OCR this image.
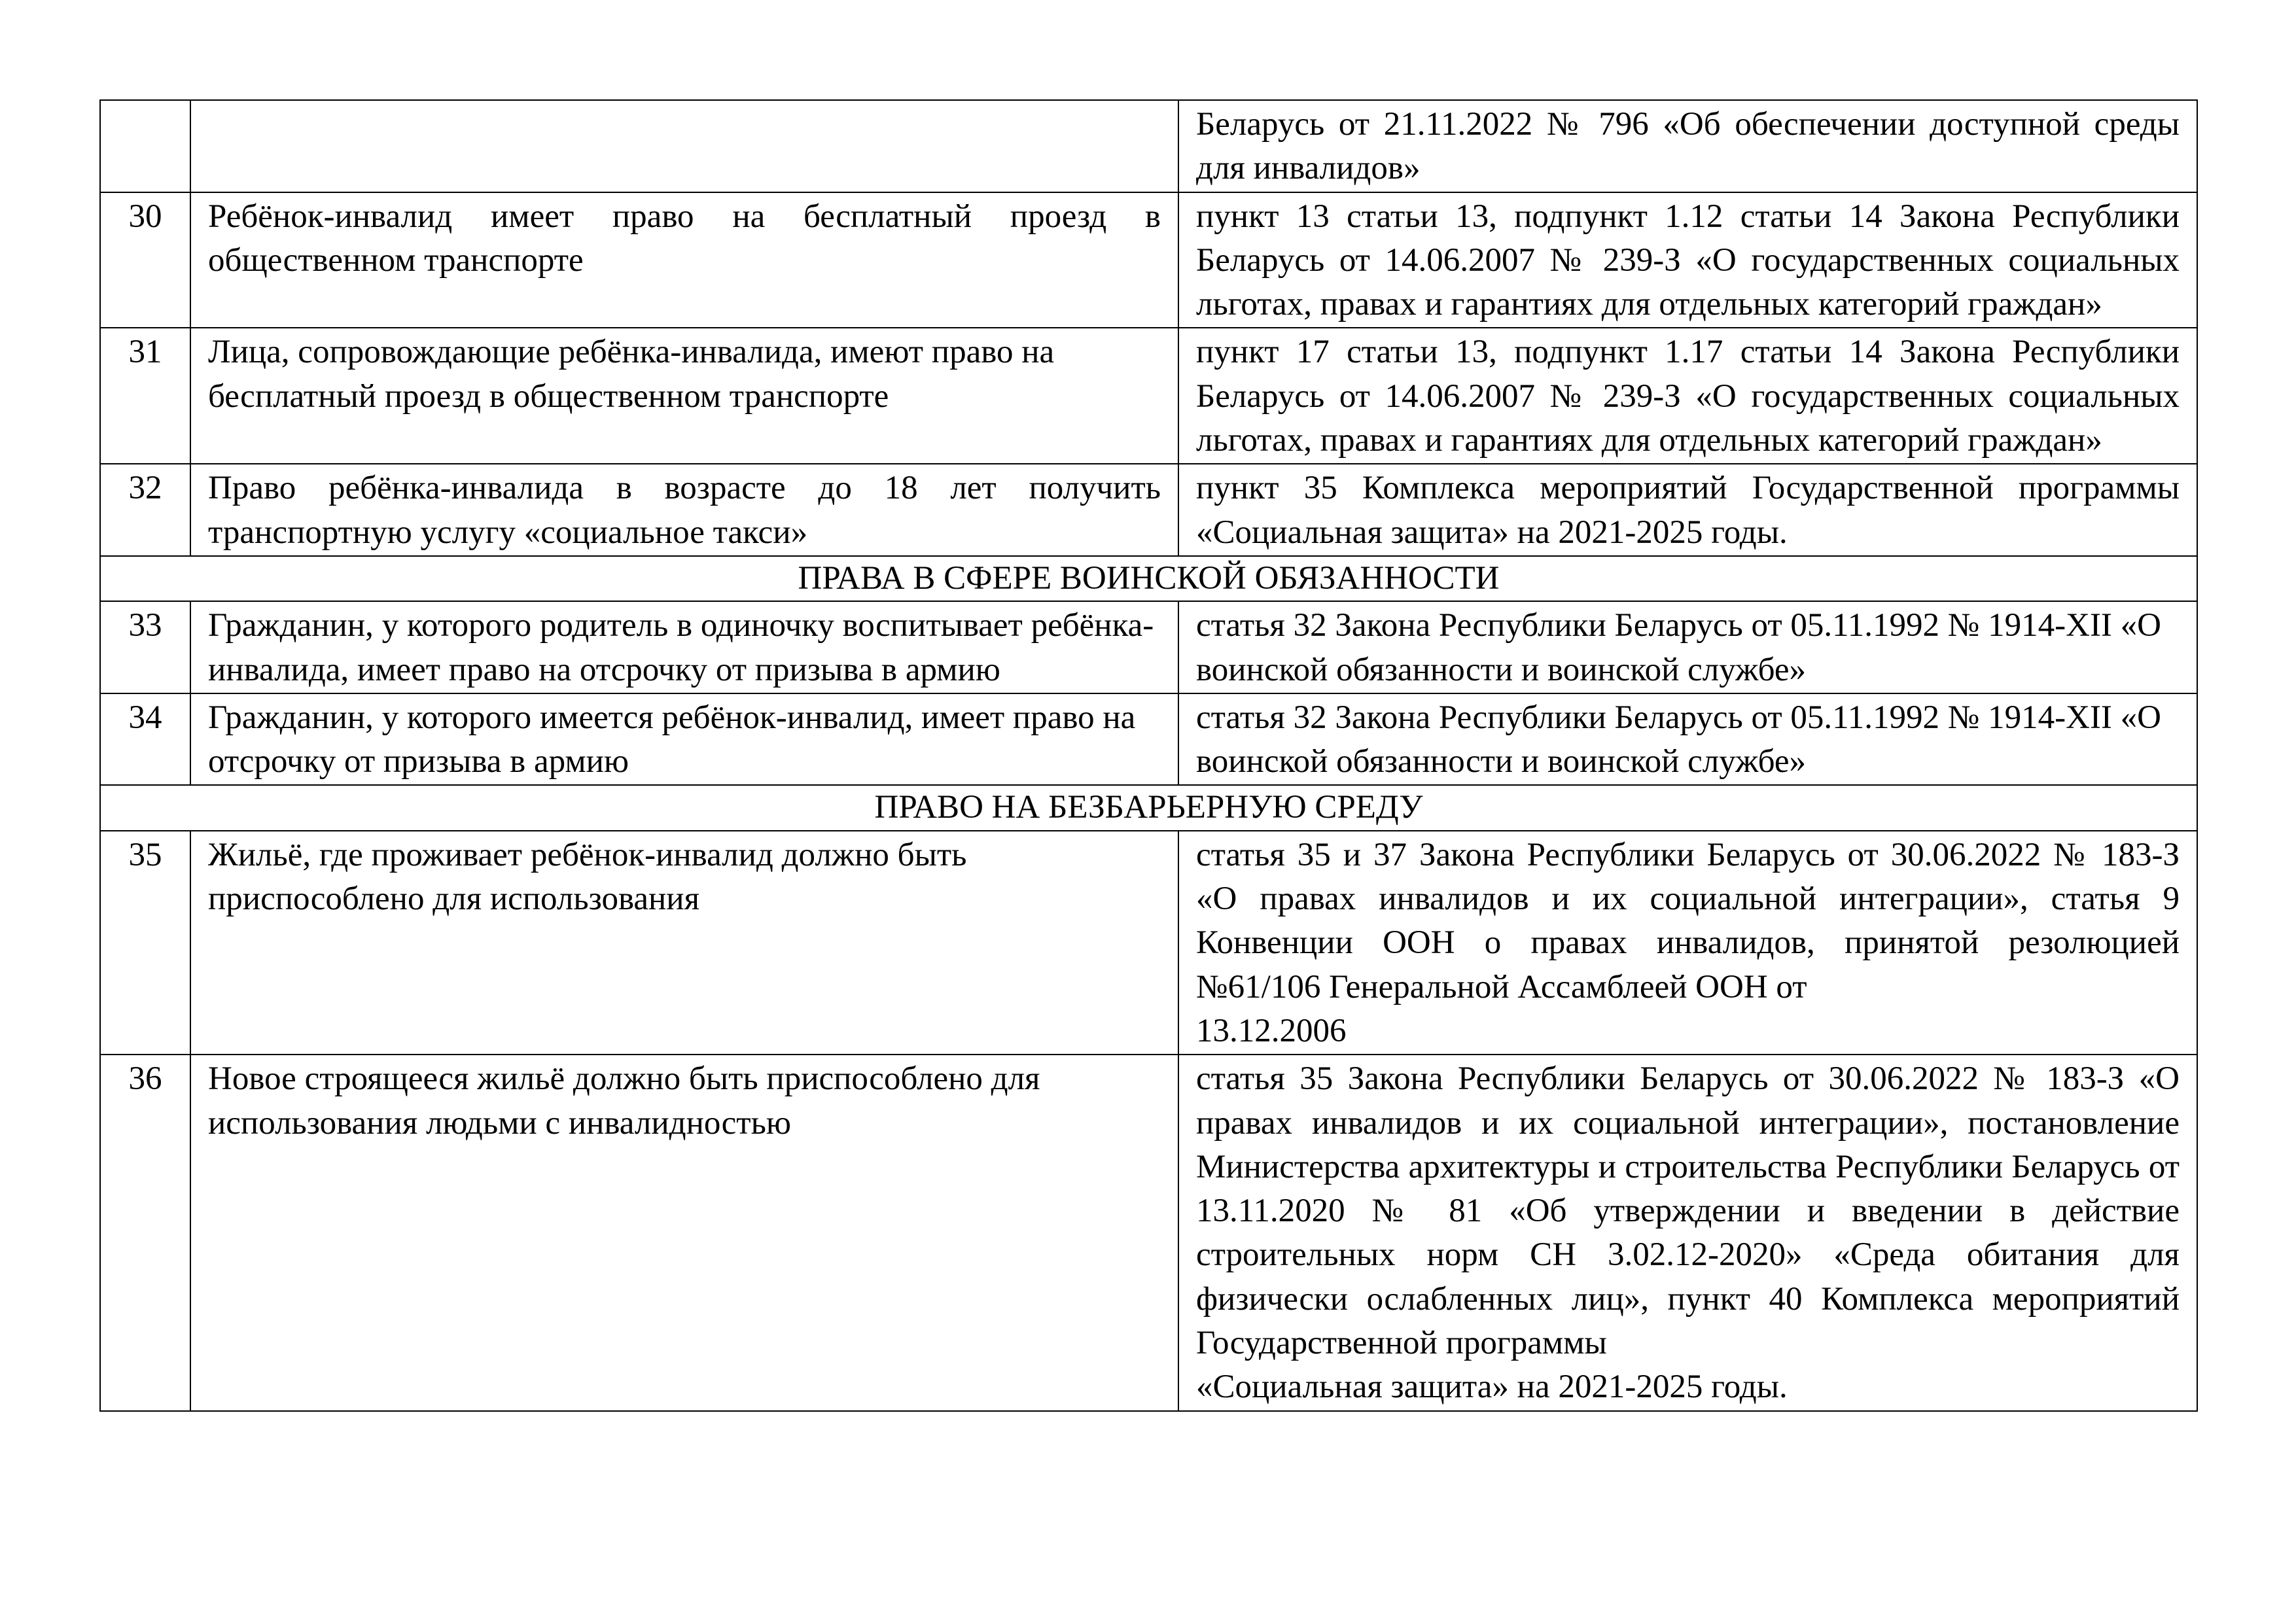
		Беларусь от 21.11.2022 № 796 «Об обеспечении доступной среды для инвалидов»
30	Ребёнок-инвалид имеет право на бесплатный проезд в общественном транспорте	пункт 13 статьи 13, подпункт 1.12 статьи 14 Закона Республики Беларусь от 14.06.2007 № 239-З «О государственных социальных льготах, правах и гарантиях для отдельных категорий граждан»
31	Лица, сопровождающие ребёнка-инвалида, имеют право на бесплатный проезд в общественном транспорте	пункт 17 статьи 13, подпункт 1.17 статьи 14 Закона Республики Беларусь от 14.06.2007 № 239-З «О государственных социальных льготах, правах и гарантиях для отдельных категорий граждан»
32	Право ребёнка-инвалида в возрасте до 18 лет получить транспортную услугу «социальное такси»	пункт 35 Комплекса мероприятий Государственной программы «Социальная защита» на 2021-2025 годы.
ПРАВА В СФЕРЕ ВОИНСКОЙ ОБЯЗАННОСТИ		
33	Гражданин, у которого родитель в одиночку воспитывает ребёнка-инвалида, имеет право на отсрочку от призыва в армию	статья 32 Закона Республики Беларусь от 05.11.1992 № 1914-XII «О воинской обязанности и воинской службе»
34	Гражданин, у которого имеется ребёнок-инвалид, имеет право на отсрочку от призыва в армию	статья 32 Закона Республики Беларусь от 05.11.1992 № 1914-XII «О воинской обязанности и воинской службе»
ПРАВО НА БЕЗБАРЬЕРНУЮ СРЕДУ		
35	Жильё, где проживает ребёнок-инвалид должно быть приспособлено для использования	статья 35 и 37 Закона Республики Беларусь от 30.06.2022 № 183-З «О правах инвалидов и их социальной интеграции», статья 9 Конвенции ООН о правах инвалидов, принятой резолюцией №61/106 Генеральной Ассамблеей ООН от
13.12.2006
36	Новое строящееся жильё должно быть приспособлено для использования людьми с инвалидностью	статья 35 Закона Республики Беларусь от 30.06.2022 № 183-З «О правах инвалидов и их социальной интеграции», постановление Министерства архитектуры и строительства Республики Беларусь от 13.11.2020 № 81 «Об утверждении и введении в действие строительных норм СН 3.02.12-2020» «Среда обитания для физически ослабленных лиц», пункт 40 Комплекса мероприятий Государственной программы
«Социальная защита» на 2021-2025 годы.
